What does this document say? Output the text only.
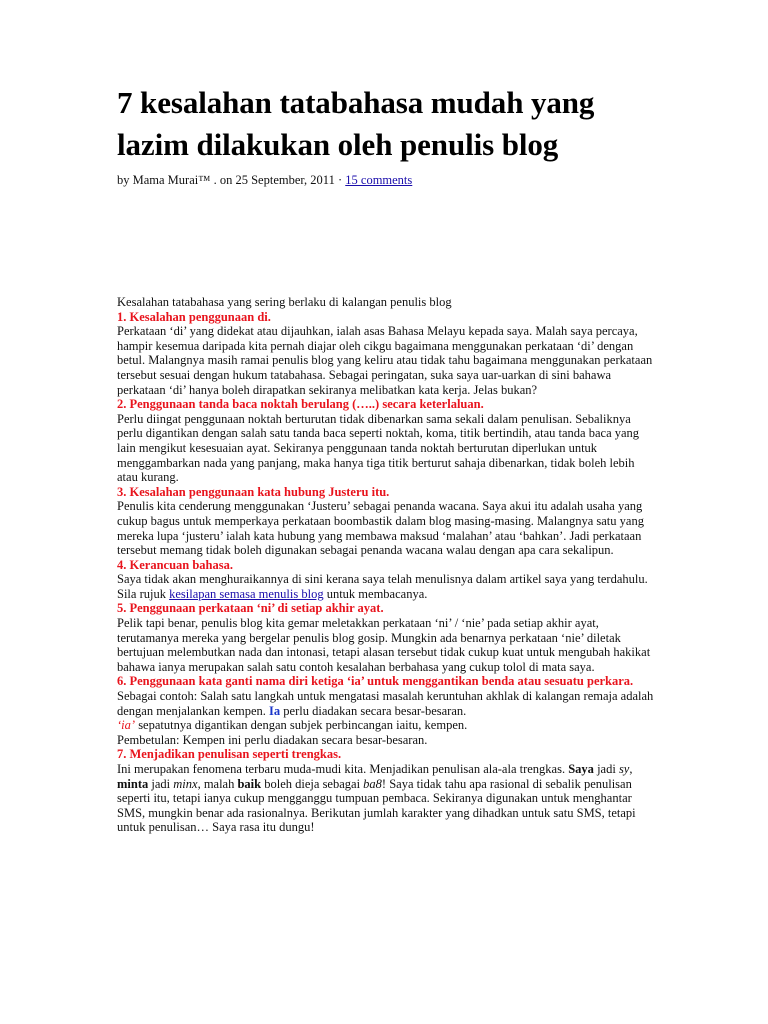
7 kesalahan tatabahasa mudah yang lazim dilakukan oleh penulis blog
by Mama Murai™ . on 25 September, 2011 · 15 comments

Kesalahan tatabahasa yang sering berlaku di kalangan penulis blog

1. Kesalahan penggunaan di.

Perkataan ‘di’ yang didekat atau dijauhkan, ialah asas Bahasa Melayu kepada saya. Malah saya percaya, hampir kesemua daripada kita pernah diajar oleh cikgu bagaimana menggunakan perkataan ‘di’ dengan betul. Malangnya masih ramai penulis blog yang keliru atau tidak tahu bagaimana menggunakan perkataan tersebut sesuai dengan hukum tatabahasa. Sebagai peringatan, suka saya uar-uarkan di sini bahawa perkataan ‘di’ hanya boleh dirapatkan sekiranya melibatkan kata kerja. Jelas bukan?

2. Penggunaan tanda baca noktah berulang (…..) secara keterlaluan.

Perlu diingat penggunaan noktah berturutan tidak dibenarkan sama sekali dalam penulisan. Sebaliknya perlu digantikan dengan salah satu tanda baca seperti noktah, koma, titik bertindih, atau tanda baca yang lain mengikut kesesuaian ayat. Sekiranya penggunaan tanda noktah berturutan diperlukan untuk menggambarkan nada yang panjang, maka hanya tiga titik berturut sahaja dibenarkan, tidak boleh lebih atau kurang.

3. Kesalahan penggunaan kata hubung Justeru itu.

Penulis kita cenderung menggunakan ‘Justeru’ sebagai penanda wacana. Saya akui itu adalah usaha yang cukup bagus untuk memperkaya perkataan boombastik dalam blog masing-masing. Malangnya satu yang mereka lupa ‘justeru’ ialah kata hubung yang membawa maksud ‘malahan’ atau ‘bahkan’. Jadi perkataan tersebut memang tidak boleh digunakan sebagai penanda wacana walau dengan apa cara sekalipun.

4. Kerancuan bahasa.

Saya tidak akan menghuraikannya di sini kerana saya telah menulisnya dalam artikel saya yang terdahulu. Sila rujuk kesilapan semasa menulis blog untuk membacanya.

5. Penggunaan perkataan ‘ni’ di setiap akhir ayat.

Pelik tapi benar, penulis blog kita gemar meletakkan perkataan ‘ni’ / ‘nie’ pada setiap akhir ayat, terutamanya mereka yang bergelar penulis blog gosip. Mungkin ada benarnya perkataan ‘nie’ diletak bertujuan melembutkan nada dan intonasi, tetapi alasan tersebut tidak cukup kuat untuk mengubah hakikat bahawa ianya merupakan salah satu contoh kesalahan berbahasa yang cukup tolol di mata saya.

6. Penggunaan kata ganti nama diri ketiga ‘ia’ untuk menggantikan benda atau sesuatu perkara.

Sebagai contoh: Salah satu langkah untuk mengatasi masalah keruntuhan akhlak di kalangan remaja adalah dengan menjalankan kempen. Ia perlu diadakan secara besar-besaran.

‘ia’ sepatutnya digantikan dengan subjek perbincangan iaitu, kempen.

Pembetulan: Kempen ini perlu diadakan secara besar-besaran.

7. Menjadikan penulisan seperti trengkas.

Ini merupakan fenomena terbaru muda-mudi kita. Menjadikan penulisan ala-ala trengkas. Saya jadi sy, minta jadi minx, malah baik boleh dieja sebagai ba8! Saya tidak tahu apa rasional di sebalik penulisan seperti itu, tetapi ianya cukup mengganggu tumpuan pembaca. Sekiranya digunakan untuk menghantar SMS, mungkin benar ada rasionalnya. Berikutan jumlah karakter yang dihadkan untuk satu SMS, tetapi untuk penulisan… Saya rasa itu dungu!
